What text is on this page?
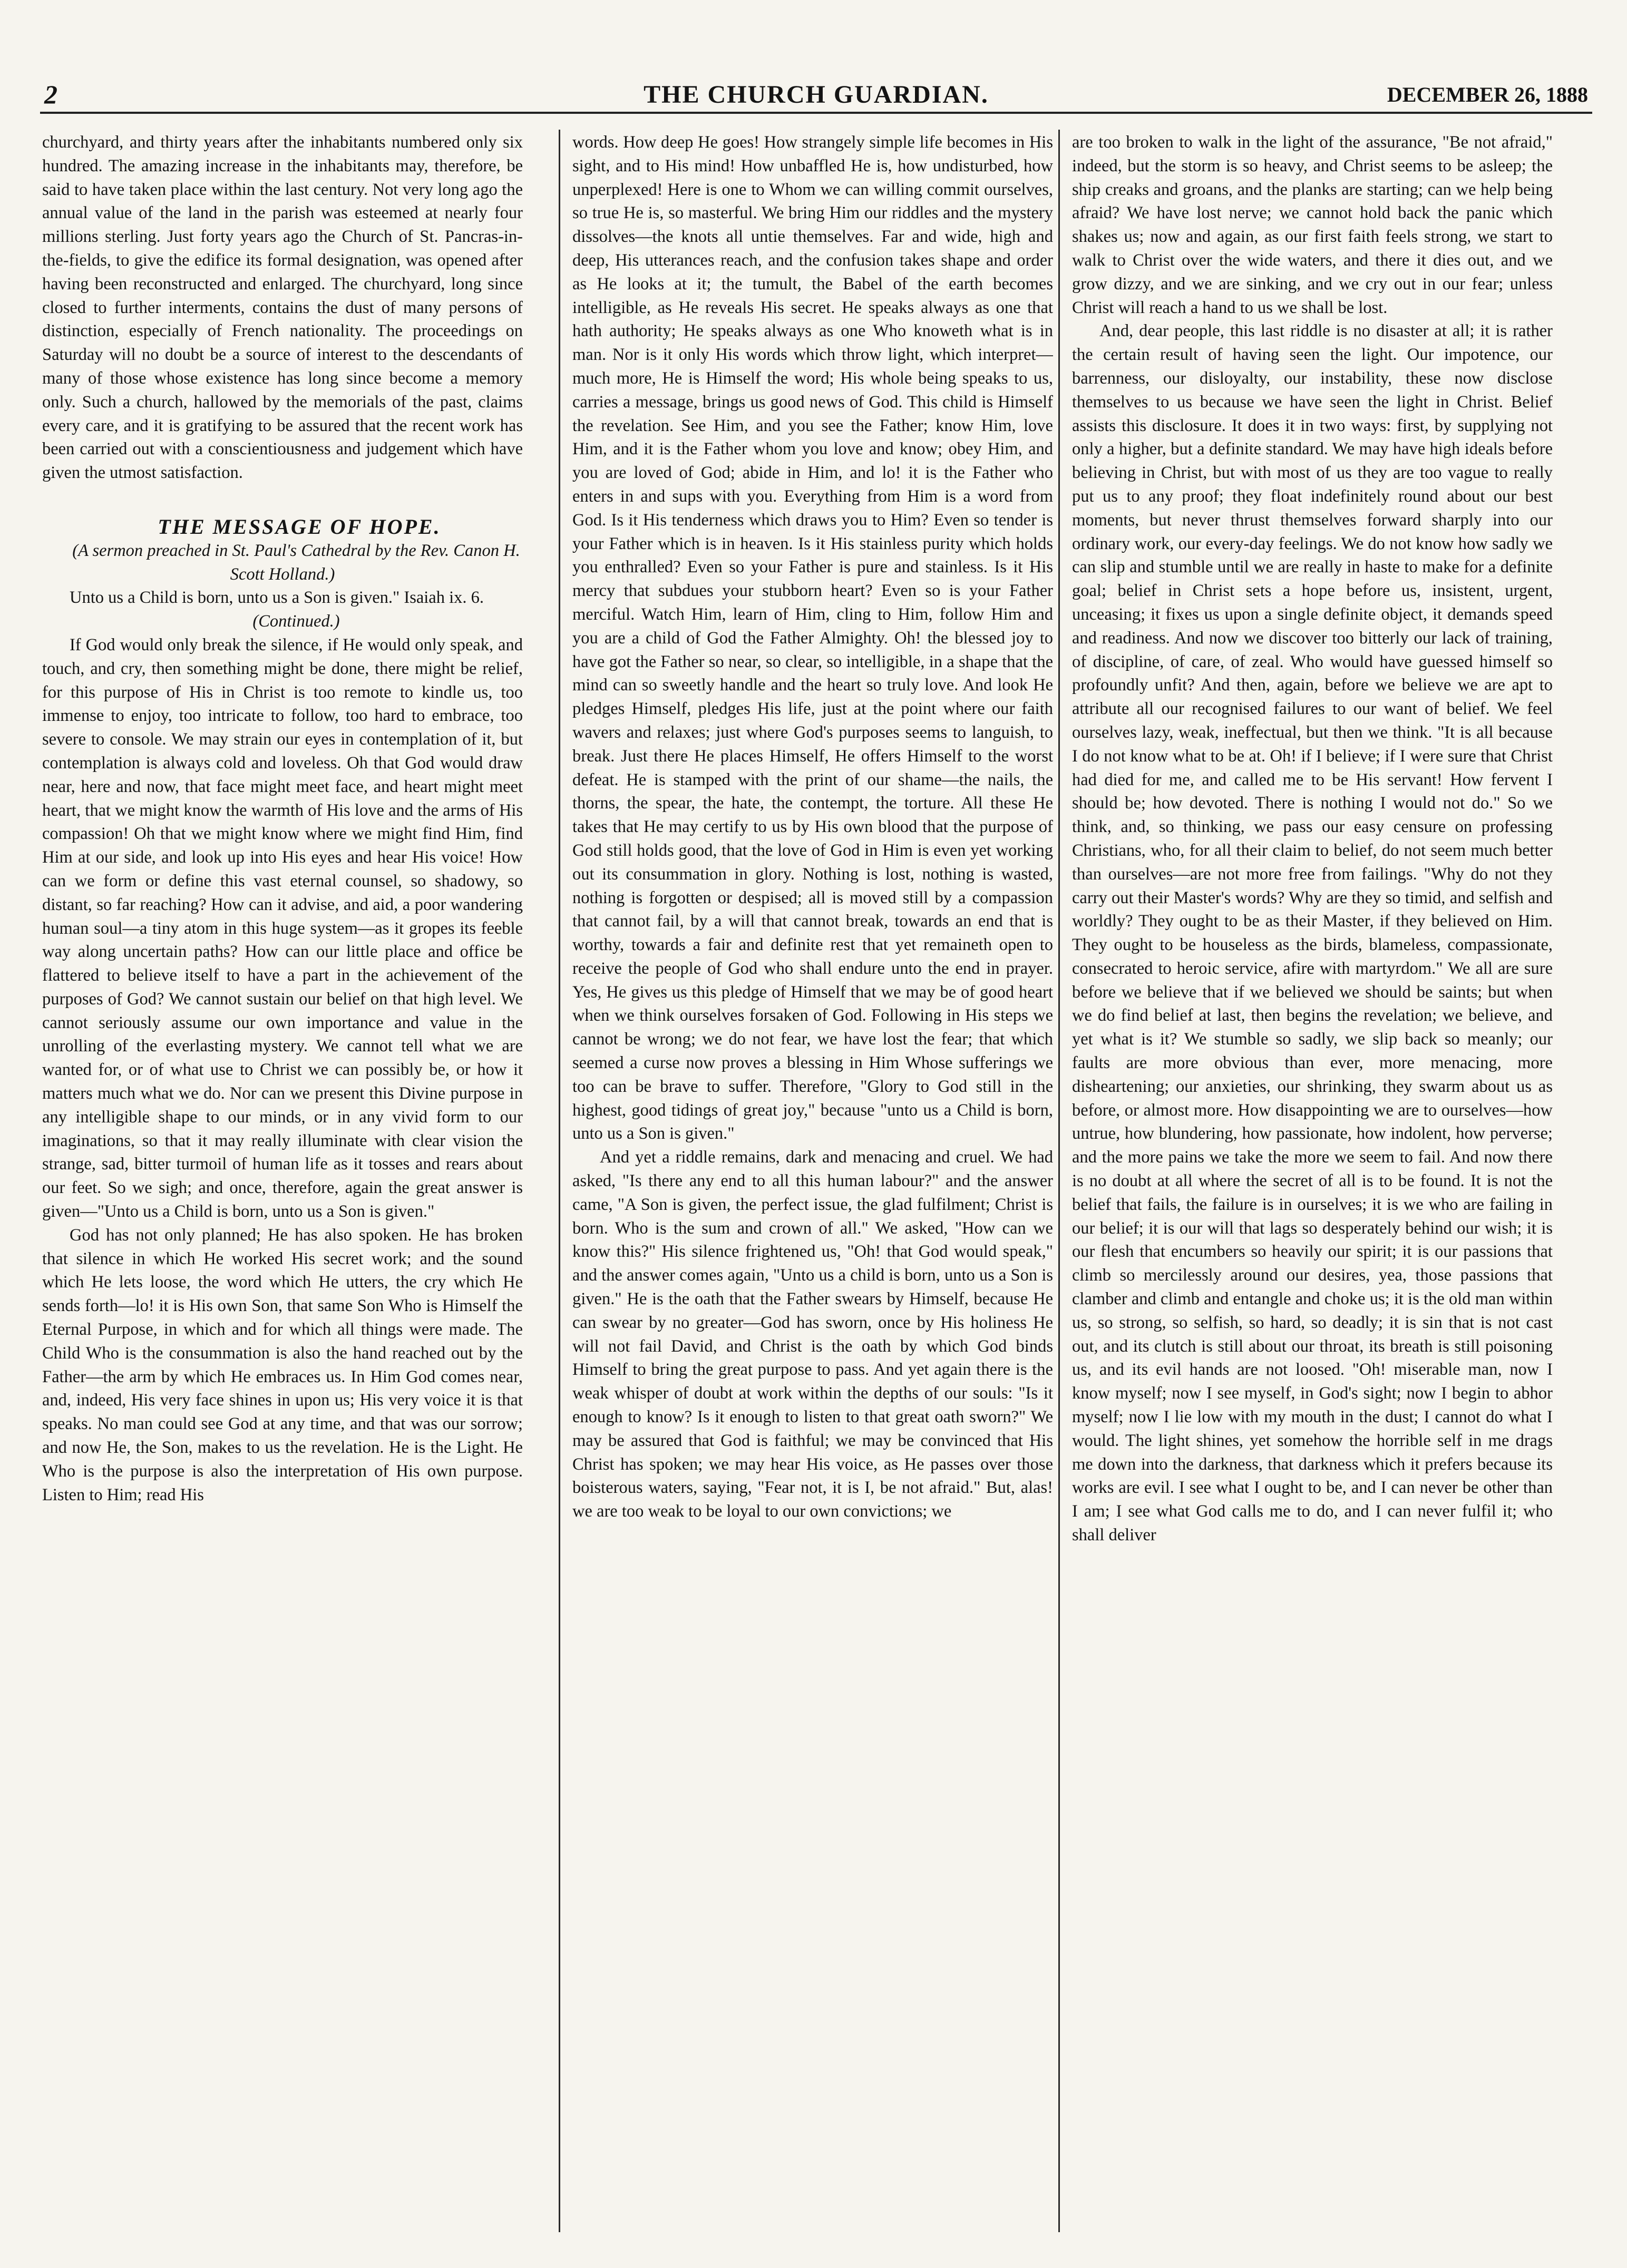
2	THE CHURCH GUARDIAN.	DECEMBER 26, 1888

churchyard, and thirty years after the inhabitants numbered only six hundred. The amazing increase in the inhabitants may, therefore, be said to have taken place within the last century. Not very long ago the annual value of the land in the parish was esteemed at nearly four millions sterling. Just forty years ago the Church of St. Pancras-in-the-fields, to give the edifice its formal designation, was opened after having been reconstructed and enlarged. The churchyard, long since closed to further interments, contains the dust of many persons of distinction, especially of French nationality. The proceedings on Saturday will no doubt be a source of interest to the descendants of many of those whose existence has long since become a memory only. Such a church, hallowed by the memorials of the past, claims every care, and it is gratifying to be assured that the recent work has been carried out with a conscientiousness and judgement which have given the utmost satisfaction.

THE MESSAGE OF HOPE.

(A sermon preached in St. Paul's Cathedral by the Rev. Canon H. Scott Holland.)

Unto us a Child is born, unto us a Son is given." Isaiah ix. 6.

(Continued.)

If God would only break the silence, if He would only speak, and touch, and cry, then something might be done, there might be relief, for this purpose of His in Christ is too remote to kindle us, too immense to enjoy, too intricate to follow, too hard to embrace, too severe to console. We may strain our eyes in contemplation of it, but contemplation is always cold and loveless. Oh that God would draw near, here and now, that face might meet face, and heart might meet heart, that we might know the warmth of His love and the arms of His compassion! Oh that we might know where we might find Him, find Him at our side, and look up into His eyes and hear His voice! How can we form or define this vast eternal counsel, so shadowy, so distant, so far reaching? How can it advise, and aid, a poor wandering human soul—a tiny atom in this huge system—as it gropes its feeble way along uncertain paths? How can our little place and office be flattered to believe itself to have a part in the achievement of the purposes of God? We cannot sustain our belief on that high level. We cannot seriously assume our own importance and value in the unrolling of the everlasting mystery. We cannot tell what we are wanted for, or of what use to Christ we can possibly be, or how it matters much what we do. Nor can we present this Divine purpose in any intelligible shape to our minds, or in any vivid form to our imaginations, so that it may really illuminate with clear vision the strange, sad, bitter turmoil of human life as it tosses and rears about our feet. So we sigh; and once, therefore, again the great answer is given—"Unto us a Child is born, unto us a Son is given."

God has not only planned; He has also spoken. He has broken that silence in which He worked His secret work; and the sound which He lets loose, the word which He utters, the cry which He sends forth—lo! it is His own Son, that same Son Who is Himself the Eternal Purpose, in which and for which all things were made. The Child Who is the consummation is also the hand reached out by the Father—the arm by which He embraces us. In Him God comes near, and, indeed, His very face shines in upon us; His very voice it is that speaks. No man could see God at any time, and that was our sorrow; and now He, the Son, makes to us the revelation. He is the Light. He Who is the purpose is also the interpretation of His own purpose. Listen to Him; read His

words. How deep He goes! How strangely simple life becomes in His sight, and to His mind! How unbaffled He is, how undisturbed, how unperplexed! Here is one to Whom we can willing commit ourselves, so true He is, so masterful. We bring Him our riddles and the mystery dissolves—the knots all untie themselves. Far and wide, high and deep, His utterances reach, and the confusion takes shape and order as He looks at it; the tumult, the Babel of the earth becomes intelligible, as He reveals His secret. He speaks always as one that hath authority; He speaks always as one Who knoweth what is in man. Nor is it only His words which throw light, which interpret—much more, He is Himself the word; His whole being speaks to us, carries a message, brings us good news of God. This child is Himself the revelation. See Him, and you see the Father; know Him, love Him, and it is the Father whom you love and know; obey Him, and you are loved of God; abide in Him, and lo! it is the Father who enters in and sups with you. Everything from Him is a word from God. Is it His tenderness which draws you to Him? Even so tender is your Father which is in heaven. Is it His stainless purity which holds you enthralled? Even so your Father is pure and stainless. Is it His mercy that subdues your stubborn heart? Even so is your Father merciful. Watch Him, learn of Him, cling to Him, follow Him and you are a child of God the Father Almighty. Oh! the blessed joy to have got the Father so near, so clear, so intelligible, in a shape that the mind can so sweetly handle and the heart so truly love. And look He pledges Himself, pledges His life, just at the point where our faith wavers and relaxes; just where God's purposes seems to languish, to break. Just there He places Himself, He offers Himself to the worst defeat. He is stamped with the print of our shame—the nails, the thorns, the spear, the hate, the contempt, the torture. All these He takes that He may certify to us by His own blood that the purpose of God still holds good, that the love of God in Him is even yet working out its consummation in glory. Nothing is lost, nothing is wasted, nothing is forgotten or despised; all is moved still by a compassion that cannot fail, by a will that cannot break, towards an end that is worthy, towards a fair and definite rest that yet remaineth open to receive the people of God who shall endure unto the end in prayer. Yes, He gives us this pledge of Himself that we may be of good heart when we think ourselves forsaken of God. Following in His steps we cannot be wrong; we do not fear, we have lost the fear; that which seemed a curse now proves a blessing in Him Whose sufferings we too can be brave to suffer. Therefore, "Glory to God still in the highest, good tidings of great joy," because "unto us a Child is born, unto us a Son is given."

And yet a riddle remains, dark and menacing and cruel. We had asked, "Is there any end to all this human labour?" and the answer came, "A Son is given, the perfect issue, the glad fulfilment; Christ is born. Who is the sum and crown of all." We asked, "How can we know this?" His silence frightened us, "Oh! that God would speak," and the answer comes again, "Unto us a child is born, unto us a Son is given." He is the oath that the Father swears by Himself, because He can swear by no greater—God has sworn, once by His holiness He will not fail David, and Christ is the oath by which God binds Himself to bring the great purpose to pass. And yet again there is the weak whisper of doubt at work within the depths of our souls: "Is it enough to know? Is it enough to listen to that great oath sworn?" We may be assured that God is faithful; we may be convinced that His Christ has spoken; we may hear His voice, as He passes over those boisterous waters, saying, "Fear not, it is I, be not afraid." But, alas! we are too weak to be loyal to our own convictions; we

are too broken to walk in the light of the assurance, "Be not afraid," indeed, but the storm is so heavy, and Christ seems to be asleep; the ship creaks and groans, and the planks are starting; can we help being afraid? We have lost nerve; we cannot hold back the panic which shakes us; now and again, as our first faith feels strong, we start to walk to Christ over the wide waters, and there it dies out, and we grow dizzy, and we are sinking, and we cry out in our fear; unless Christ will reach a hand to us we shall be lost.

And, dear people, this last riddle is no disaster at all; it is rather the certain result of having seen the light. Our impotence, our barrenness, our disloyalty, our instability, these now disclose themselves to us because we have seen the light in Christ. Belief assists this disclosure. It does it in two ways: first, by supplying not only a higher, but a definite standard. We may have high ideals before believing in Christ, but with most of us they are too vague to really put us to any proof; they float indefinitely round about our best moments, but never thrust themselves forward sharply into our ordinary work, our every-day feelings. We do not know how sadly we can slip and stumble until we are really in haste to make for a definite goal; belief in Christ sets a hope before us, insistent, urgent, unceasing; it fixes us upon a single definite object, it demands speed and readiness. And now we discover too bitterly our lack of training, of discipline, of care, of zeal. Who would have guessed himself so profoundly unfit? And then, again, before we believe we are apt to attribute all our recognised failures to our want of belief. We feel ourselves lazy, weak, ineffectual, but then we think. "It is all because I do not know what to be at. Oh! if I believe; if I were sure that Christ had died for me, and called me to be His servant! How fervent I should be; how devoted. There is nothing I would not do." So we think, and, so thinking, we pass our easy censure on professing Christians, who, for all their claim to belief, do not seem much better than ourselves—are not more free from failings. "Why do not they carry out their Master's words? Why are they so timid, and selfish and worldly? They ought to be as their Master, if they believed on Him. They ought to be houseless as the birds, blameless, compassionate, consecrated to heroic service, afire with martyrdom." We all are sure before we believe that if we believed we should be saints; but when we do find belief at last, then begins the revelation; we believe, and yet what is it? We stumble so sadly, we slip back so meanly; our faults are more obvious than ever, more menacing, more disheartening; our anxieties, our shrinking, they swarm about us as before, or almost more. How disappointing we are to ourselves—how untrue, how blundering, how passionate, how indolent, how perverse; and the more pains we take the more we seem to fail. And now there is no doubt at all where the secret of all is to be found. It is not the belief that fails, the failure is in ourselves; it is we who are failing in our belief; it is our will that lags so desperately behind our wish; it is our flesh that encumbers so heavily our spirit; it is our passions that climb so mercilessly around our desires, yea, those passions that clamber and climb and entangle and choke us; it is the old man within us, so strong, so selfish, so hard, so deadly; it is sin that is not cast out, and its clutch is still about our throat, its breath is still poisoning us, and its evil hands are not loosed. "Oh! miserable man, now I know myself; now I see myself, in God's sight; now I begin to abhor myself; now I lie low with my mouth in the dust; I cannot do what I would. The light shines, yet somehow the horrible self in me drags me down into the darkness, that darkness which it prefers because its works are evil. I see what I ought to be, and I can never be other than I am; I see what God calls me to do, and I can never fulfil it; who shall deliver
